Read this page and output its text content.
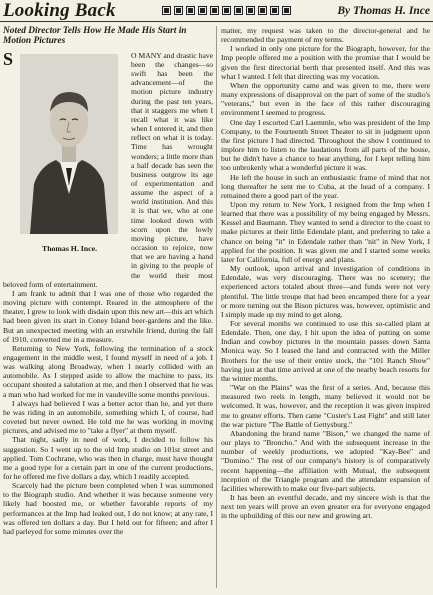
Looking Back	By Thomas H. Ince
Noted Director Tells How He Made His Start in Motion Pictures

S
Thomas H. Ince.
O MANY and drastic have been the changes—so swift has been the advancement—of the motion picture industry during the past ten years, that it staggers me when I recall what it was like when I entered it, and then reflect on what it is today. Time has wrought wonders; a little more than a half decade has seen the business outgrow its age of experimentation and assume the aspect of a world institution. And this it is that we, who at one time looked down with scorn upon the lowly moving picture, have occasion to rejoice, now that we are having a hand in giving to the people of the world their most beloved form of entertainment.

I am frank to admit that I was one of those who regarded the moving picture with contempt. Reared in the atmosphere of the theater, I grew to look with disdain upon this new art—this art which had been given its start in Coney Island beer-gardens and the like. But an unexpected meeting with an erstwhile friend, during the fall of 1910, converted me in a measure.

Returning to New York, following the termination of a stock engagement in the middle west, I found myself in need of a job. I was walking along Broadway, when I nearly collided with an automobile. As I stepped aside to allow the machine to pass, its occupant shouted a salutation at me, and then I observed that he was a man who had worked for me in vaudeville some months previous.

I always had believed I was a better actor than he, and yet there he was riding in an automobile, something which I, of course, had coveted but never owned. He told me he was working in moving pictures, and advised me to "take a flyer" at them myself.

That night, sadly in need of work, I decided to follow his suggestion. So I went up to the old Imp studio on 101st street and applied. Tom Cochrane, who was then in charge, must have thought me a good type for a certain part in one of the current productions, for he offered me five dollars a day, which I readily accepted.

Scarcely had the picture been completed when I was summoned to the Biograph studio. And whether it was because someone very likely had boosted me, or whether favorable reports of my performances at the Imp had leaked out, I do not know; at any rate, I was offered ten dollars a day. But I held out for fifteen; and after I had parleyed for some minutes over the

matter, my request was taken to the director-general and he recommended the payment of my terms.

I worked in only one picture for the Biograph, however, for the Imp people offered me a position with the promise that I would be given the first directorial berth that presented itself. And this was what I wanted. I felt that directing was my vocation.

When the opportunity came and was given to me, there were many expressions of disapproval on the part of some of the studio's "veterans," but even in the face of this rather discouraging environment I seemed to progress.

One day I escorted Carl Laemmle, who was president of the Imp Company, to the Fourteenth Street Theater to sit in judgment upon the first picture I had directed. Throughout the show I continued to implore him to listen to the laudations from all parts of the house, but he didn't have a chance to hear anything, for I kept telling him too unbrokenly what a wonderful picture it was.

He left the house in such an enthusiastic frame of mind that not long thereafter he sent me to Cuba, at the head of a company. I remained there a good part of the year.

Upon my return to New York, I resigned from the Imp when I learned that there was a possibility of my being engaged by Messrs. Kessel and Baumann. They wanted to send a director to the coast to make pictures at their little Edendale plant, and preferring to take a chance on being "it" in Edendale rather than "nit" in New York, I applied for the position. It was given me and I started some weeks later for California, full of energy and plans.

My outlook, upon arrival and investigation of conditions in Edendale, was very discouraging. There was no scenery; the experienced actors totaled about three—and funds were not very plentiful. The little troupe that had been encamped there for a year or more turning out the Bison pictures was, however, optimistic and I simply made up my mind to get along.

For several months we continued to use this so-called plant at Edendale. Then, one day, I hit upon the idea of putting on some Indian and cowboy pictures in the mountain passes down Santa Monica way. So I leased the land and contracted with the Miller Brothers for the use of their entire stock, the "101 Ranch Show" having just at that time arrived at one of the nearby beach resorts for the winter months.

"War on the Plains" was the first of a series. And, because this measured two reels in length, many believed it would not be welcomed. It was, however, and the reception it was given inspired me to greater efforts. Then came "Custer's Last Fight" and still later the war picture "The Battle of Gettysburg."

Abandoning the brand name "Bison," we changed the name of our plays to "Broncho." And with the subsequent increase in the number of weekly productions, we adopted "Kay-Bee" and "Domino." The rest of our company's history is of comparatively recent happening—the affiliation with Mutual, the subsequent inception of the Triangle program and the attendant expansion of facilities wherewith to make our five-part subjects.

It has been an eventful decade, and my sincere wish is that the next ten years will prove an even greater era for everyone engaged in the upbuilding of this our new and growing art.
